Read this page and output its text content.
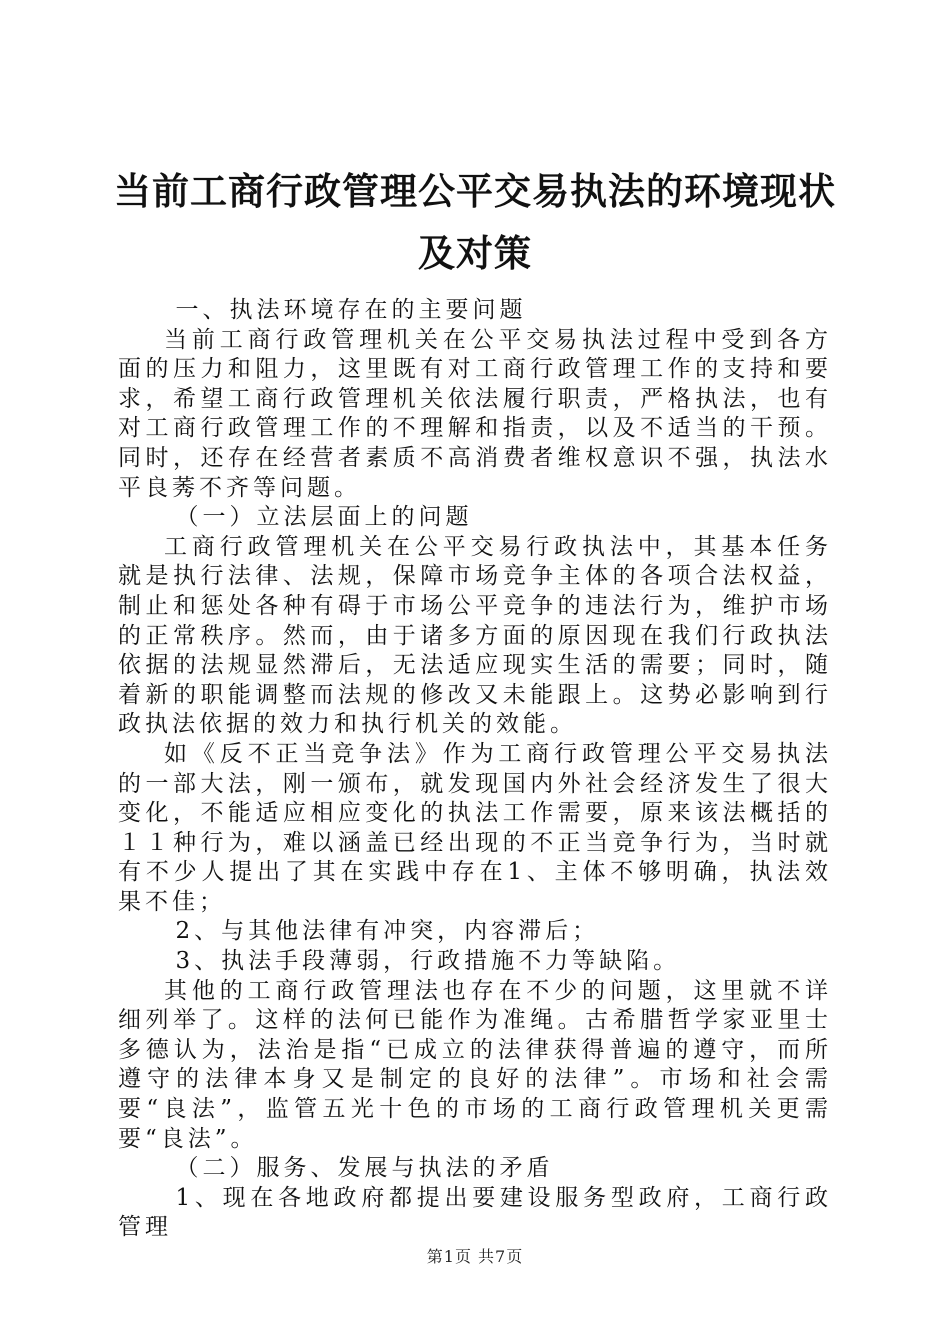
当前工商行政管理公平交易执法的环境现状及对策

一、执法环境存在的主要问题

当前工商行政管理机关在公平交易执法过程中受到各方面的压力和阻力，这里既有对工商行政管理工作的支持和要求，希望工商行政管理机关依法履行职责，严格执法，也有对工商行政管理工作的不理解和指责，以及不适当的干预。同时，还存在经营者素质不高消费者维权意识不强，执法水平良莠不齐等问题。

（一）立法层面上的问题

工商行政管理机关在公平交易行政执法中，其基本任务就是执行法律、法规，保障市场竞争主体的各项合法权益，制止和惩处各种有碍于市场公平竞争的违法行为，维护市场的正常秩序。然而，由于诸多方面的原因现在我们行政执法依据的法规显然滞后，无法适应现实生活的需要；同时，随着新的职能调整而法规的修改又未能跟上。这势必影响到行政执法依据的效力和执行机关的效能。

如《反不正当竞争法》作为工商行政管理公平交易执法的一部大法，刚一颁布，就发现国内外社会经济发生了很大变化，不能适应相应变化的执法工作需要，原来该法概括的１１种行为，难以涵盖已经出现的不正当竞争行为，当时就有不少人提出了其在实践中存在1、主体不够明确，执法效果不佳；

2、与其他法律有冲突，内容滞后；

3、执法手段薄弱，行政措施不力等缺陷。

其他的工商行政管理法也存在不少的问题，这里就不详细列举了。这样的法何已能作为准绳。古希腊哲学家亚里士多德认为，法治是指“已成立的法律获得普遍的遵守，而所遵守的法律本身又是制定的良好的法律”。市场和社会需要“良法”，监管五光十色的市场的工商行政管理机关更需要“良法”。

（二）服务、发展与执法的矛盾

1、现在各地政府都提出要建设服务型政府，工商行政管理

第1页 共7页
